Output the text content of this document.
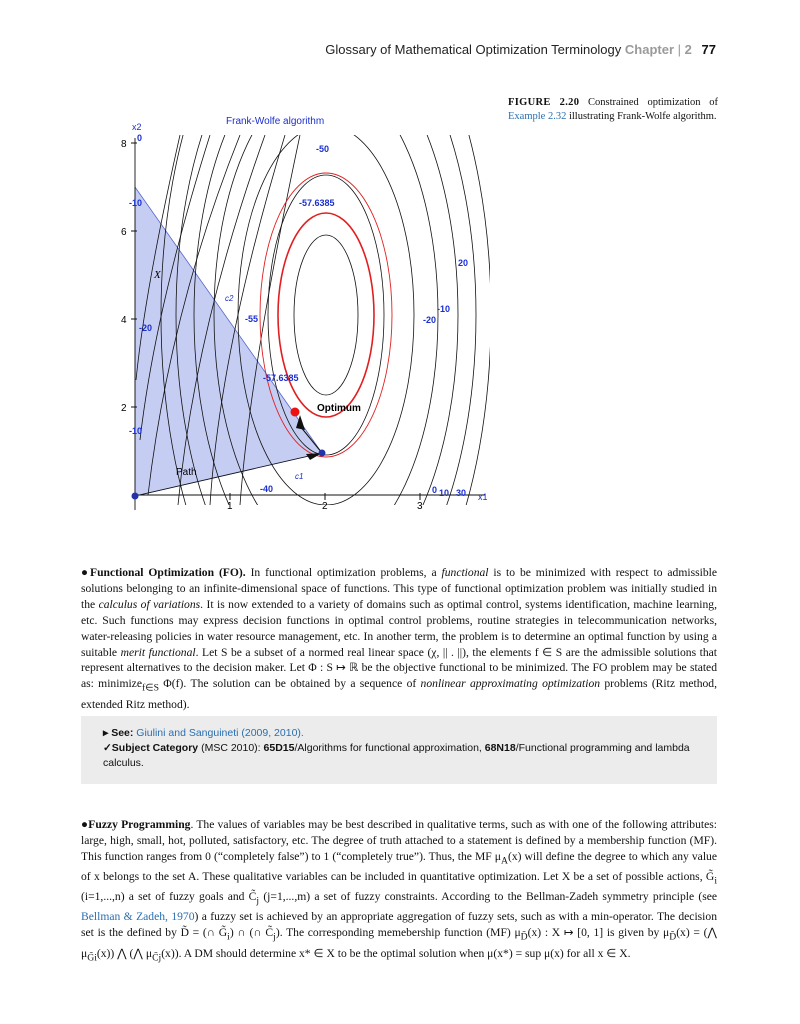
Glossary of Mathematical Optimization Terminology Chapter | 2 77
FIGURE 2.20 Constrained optimization of Example 2.32 illustrating Frank-Wolfe algorithm.
Frank-Wolfe algorithm
1	2	3
2
4
6
8
x1
x2
X
Path
Optimum
c2
c1
0
-10
-20
-50
-57.6385
20
-10
-20
-55
-57.6385
-10
-40	0 10 30
●Functional Optimization (FO). In functional optimization problems, a functional is to be minimized with respect to admissible solutions belonging to an infinite-dimensional space of functions. This type of functional optimization problem was initially studied in the calculus of variations. It is now extended to a variety of domains such as optimal control, systems identification, machine learning, etc. Such functions may express decision functions in optimal control problems, routine strategies in telecommunication networks, water-releasing policies in water resource management, etc. In another term, the problem is to determine an optimal function by using a suitable merit functional. Let S be a subset of a normed real linear space (χ, || . ||), the elements f ∈ S are the admissible solutions that represent alternatives to the decision maker. Let Φ : S ↦ ℝ be the objective functional to be minimized. The FO problem may be stated as: minimize$_{f\in S}$ Φ(f). The solution can be obtained by a sequence of nonlinear approximating optimization problems (Ritz method, extended Ritz method).
▸ See: Giulini and Sanguineti (2009, 2010).
✓Subject Category (MSC 2010): 65D15/Algorithms for functional approximation, 68N18/Functional programming and lambda calculus.
●Fuzzy Programming. The values of variables may be best described in qualitative terms, such as with one of the following attributes: large, high, small, hot, polluted, satisfactory, etc. The degree of truth attached to a statement is defined by a membership function (MF). This function ranges from 0 (“completely false”) to 1 (“completely true”). Thus, the MF $\mu_A(x)$ will define the degree to which any value of x belongs to the set A. These qualitative variables can be included in quantitative optimization. Let X be a set of possible actions, $G̃_i$ (i=1,...,n) a set of fuzzy goals and $C̃_j$ (j=1,...,m) a set of fuzzy constraints. According to the Bellman-Zadeh symmetry principle (see Bellman & Zadeh, 1970) a fuzzy set is achieved by an appropriate aggregation of fuzzy sets, such as with a min-operator. The decision set is the defined by D̃ = (∩ $G̃_i$) ∩ (∩ $C̃_j$). The corresponding memebership function (MF) $\mu_{D̃}(x)$ : X ↦ [0, 1] is given by $\mu_{D̃}(x)$ = (⋀ $\mu_{G̃i}(x)$) ⋀ (⋀ $\mu_{C̃j}(x)$). A DM should determine x* ∈ X to be the optimal solution when μ(x*) = sup μ(x) for all x ∈ X.
